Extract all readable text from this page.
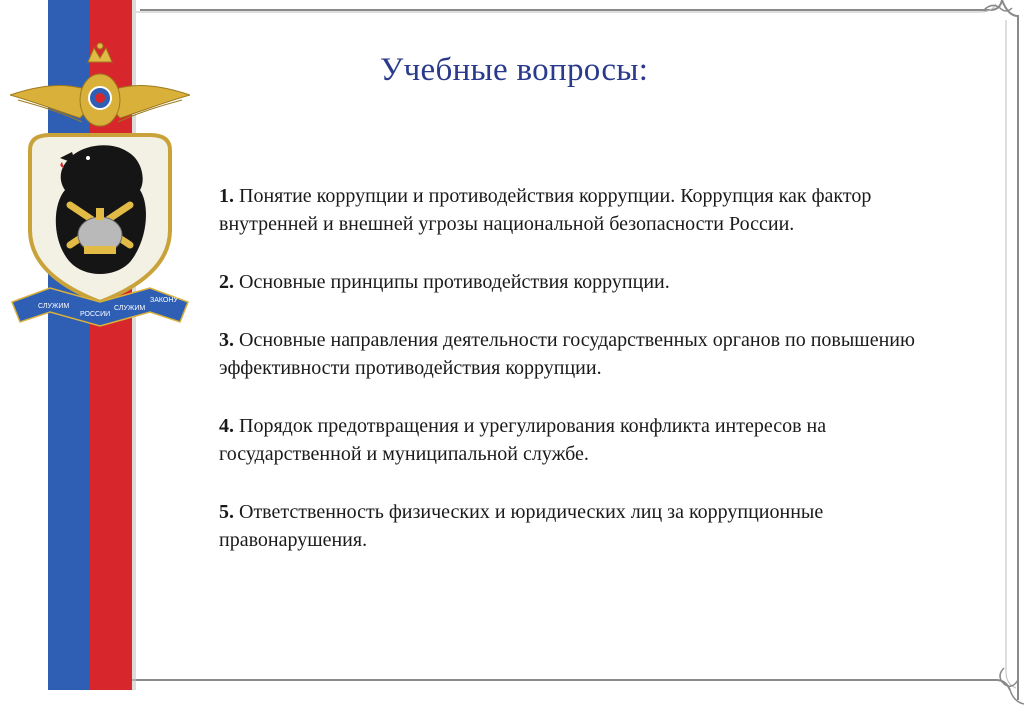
СЛУЖИМ
РОССИИ
СЛУЖИМ
ЗАКОНУ
Учебные вопросы:
1. Понятие коррупции и противодействия коррупции. Коррупция как фактор внутренней и внешней угрозы национальной безопасности России.
2. Основные принципы противодействия коррупции.
3. Основные направления деятельности государственных органов по повышению эффективности противодействия коррупции.
4. Порядок предотвращения и урегулирования конфликта интересов на государственной и муниципальной службе.
5. Ответственность физических и юридических лиц за коррупционные правонарушения.
